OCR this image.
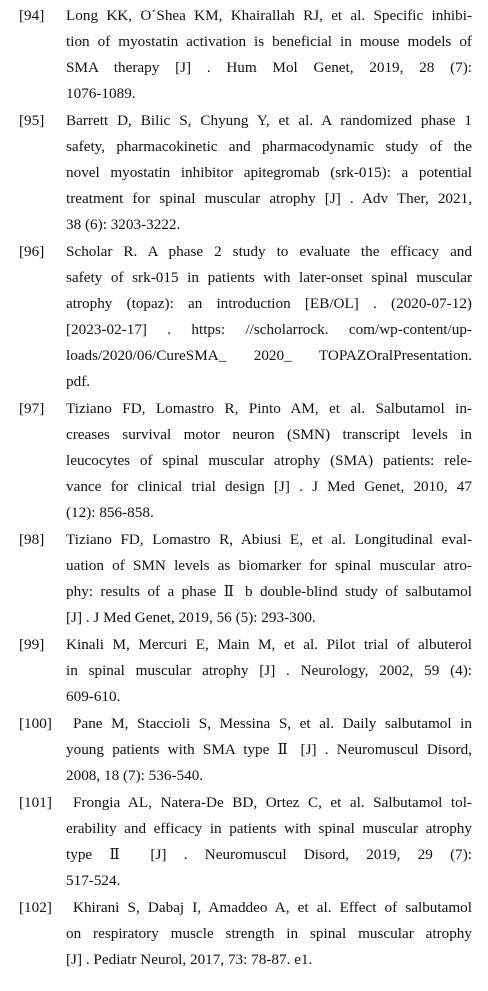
[94] Long KK, O´Shea KM, Khairallah RJ, et al. Specific inhibi-
tion of myostatin activation is beneficial in mouse models of
SMA therapy [J] . Hum Mol Genet, 2019, 28 (7):
1076-1089.
[95] Barrett D, Bilic S, Chyung Y, et al. A randomized phase 1
safety, pharmacokinetic and pharmacodynamic study of the
novel myostatin inhibitor apitegromab (srk-015): a potential
treatment for spinal muscular atrophy [J] . Adv Ther, 2021,
38 (6): 3203-3222.
[96] Scholar R. A phase 2 study to evaluate the efficacy and
safety of srk-015 in patients with later-onset spinal muscular
atrophy (topaz): an introduction [EB/OL] . (2020-07-12)
[2023-02-17] . https: //scholarrock. com/wp-content/up-
loads/2020/06/CureSMA_ 2020_ TOPAZOralPresentation.
pdf.
[97] Tiziano FD, Lomastro R, Pinto AM, et al. Salbutamol in-
creases survival motor neuron (SMN) transcript levels in
leucocytes of spinal muscular atrophy (SMA) patients: rele-
vance for clinical trial design [J] . J Med Genet, 2010, 47
(12): 856-858.
[98] Tiziano FD, Lomastro R, Abiusi E, et al. Longitudinal eval-
uation of SMN levels as biomarker for spinal muscular atro-
phy: results of a phase Ⅱ b double-blind study of salbutamol
[J] . J Med Genet, 2019, 56 (5): 293-300.
[99] Kinali M, Mercuri E, Main M, et al. Pilot trial of albuterol
in spinal muscular atrophy [J] . Neurology, 2002, 59 (4):
609-610.
[100] Pane M, Staccioli S, Messina S, et al. Daily salbutamol in
young patients with SMA type Ⅱ [J] . Neuromuscul Disord,
2008, 18 (7): 536-540.
[101] Frongia AL, Natera-De BD, Ortez C, et al. Salbutamol tol-
erability and efficacy in patients with spinal muscular atrophy
type Ⅱ [J] . Neuromuscul Disord, 2019, 29 (7):
517-524.
[102] Khirani S, Dabaj I, Amaddeo A, et al. Effect of salbutamol
on respiratory muscle strength in spinal muscular atrophy
[J] . Pediatr Neurol, 2017, 73: 78-87. e1.
